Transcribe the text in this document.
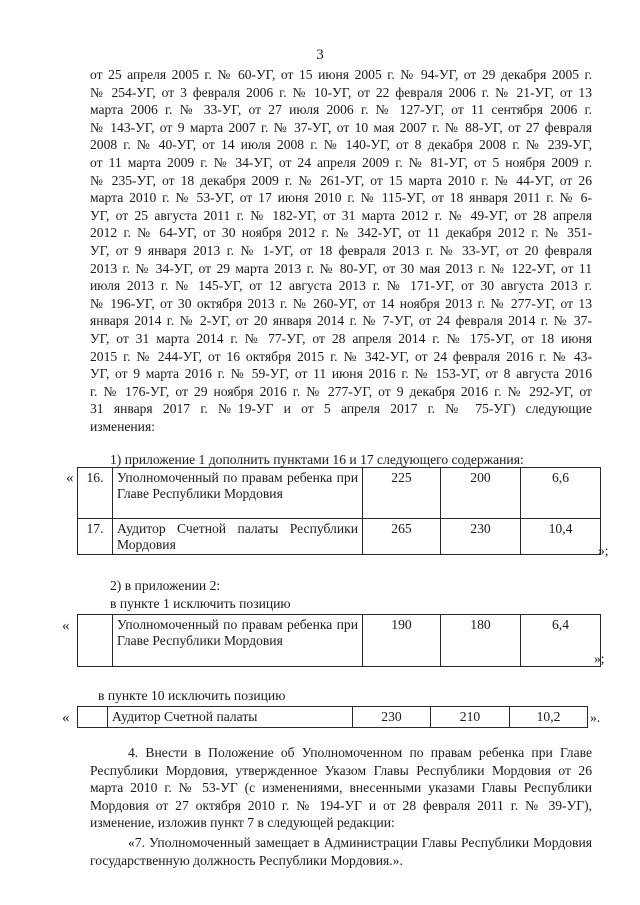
3
от 25 апреля 2005 г. № 60-УГ, от 15 июня 2005 г. № 94-УГ, от 29 декабря 2005 г.
№ 254-УГ, от 3 февраля 2006 г. № 10-УГ, от 22 февраля 2006 г. № 21-УГ, от 13
марта 2006 г. № 33-УГ, от 27 июля 2006 г. № 127-УГ, от 11 сентября 2006 г.
№ 143-УГ, от 9 марта 2007 г. № 37-УГ, от 10 мая 2007 г. № 88-УГ, от 27 февраля
2008 г. № 40-УГ, от 14 июля 2008 г. № 140-УГ, от 8 декабря 2008 г. № 239-УГ,
от 11 марта 2009 г. № 34-УГ, от 24 апреля 2009 г. № 81-УГ, от 5 ноября 2009 г.
№ 235-УГ, от 18 декабря 2009 г. № 261-УГ, от 15 марта 2010 г. № 44-УГ, от 26
марта 2010 г. № 53-УГ, от 17 июня 2010 г. № 115-УГ, от 18 января 2011 г. № 6-
УГ, от 25 августа 2011 г. № 182-УГ, от 31 марта 2012 г. № 49-УГ, от 28 апреля
2012 г. № 64-УГ, от 30 ноября 2012 г. № 342-УГ, от 11 декабря 2012 г. № 351-
УГ, от 9 января 2013 г. № 1-УГ, от 18 февраля 2013 г. № 33-УГ, от 20 февраля
2013 г. № 34-УГ, от 29 марта 2013 г. № 80-УГ, от 30 мая 2013 г. № 122-УГ, от 11
июля 2013 г. № 145-УГ, от 12 августа 2013 г. № 171-УГ, от 30 августа 2013 г.
№ 196-УГ, от 30 октября 2013 г. № 260-УГ, от 14 ноября 2013 г. № 277-УГ, от 13
января 2014 г. № 2-УГ, от 20 января 2014 г. № 7-УГ, от 24 февраля 2014 г. № 37-
УГ, от 31 марта 2014 г. № 77-УГ, от 28 апреля 2014 г. № 175-УГ, от 18 июня
2015 г. № 244-УГ, от 16 октября 2015 г. № 342-УГ, от 24 февраля 2016 г. № 43-
УГ, от 9 марта 2016 г. № 59-УГ, от 11 июня 2016 г. № 153-УГ, от 8 августа 2016
г. № 176-УГ, от 29 ноября 2016 г. № 277-УГ, от 9 декабря 2016 г. № 292-УГ, от
31 января 2017 г. №19-УГ и от 5 апреля 2017 г. № 75-УГ) следующие
изменения:
1) приложение 1 дополнить пунктами 16 и 17 следующего содержания:
« 16.	Уполномоченный по правам ребенка при Главе Республики Мордовия	225	200	6,6
17.	Аудитор Счетной палаты Республики Мордовия	265	230	10,4
»;
2) в приложении 2:
в пункте 1 исключить позицию
«
		Уполномоченный по правам ребенка при Главе Республики Мордовия	190	180	6,4
»;
в пункте 10 исключить позицию
«
		Аудитор Счетной палаты	230	210	10,2 ».
4. Внести в Положение об Уполномоченном по правам ребенка при Главе Республики Мордовия, утвержденное Указом Главы Республики Мордовия от 26 марта 2010 г. № 53-УГ (с изменениями, внесенными указами Главы Республики Мордовия от 27 октября 2010 г. № 194-УГ и от 28 февраля 2011 г. № 39-УГ), изменение, изложив пункт 7 в следующей редакции:
«7. Уполномоченный замещает в Администрации Главы Республики Мордовия государственную должность Республики Мордовия.».
